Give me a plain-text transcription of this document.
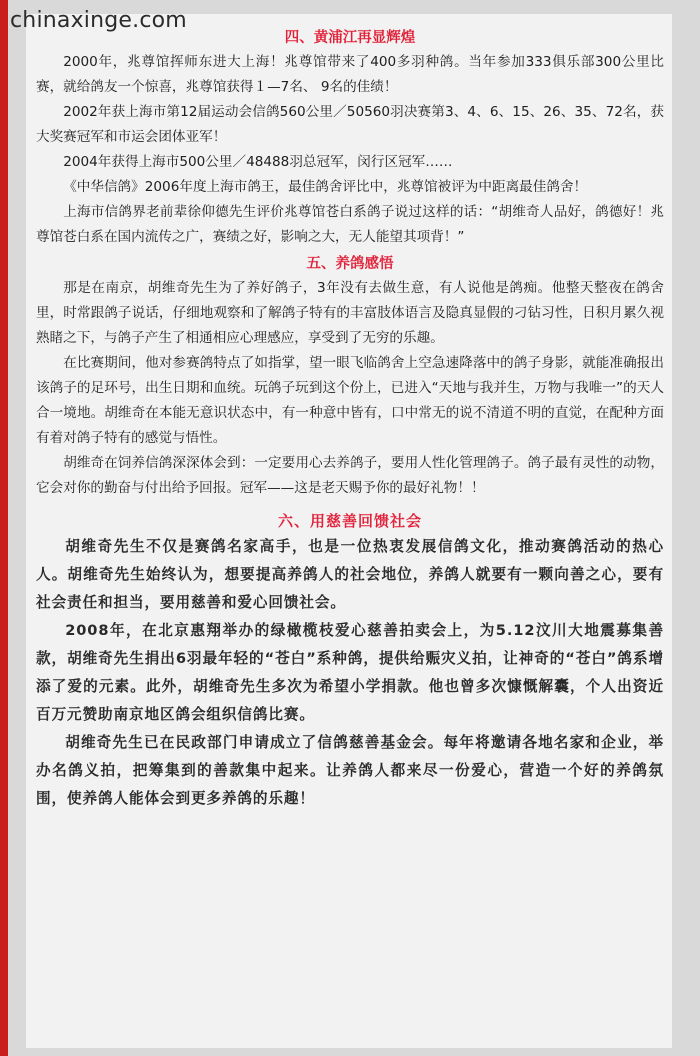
chinaxinge.com
四、黄浦江再显辉煌

2000年，兆尊馆挥师东进大上海！兆尊馆带来了400多羽种鸽。当年参加333俱乐部300公里比赛，就给鸽友一个惊喜，兆尊馆获得１—7名、 9名的佳绩！

2002年获上海市第12届运动会信鸽560公里／50560羽决赛第3、4、6、15、26、35、72名，获大奖赛冠军和市运会团体亚军！

2004年获得上海市500公里／48488羽总冠军，闵行区冠军……

《中华信鸽》2006年度上海市鸽王，最佳鸽舍评比中，兆尊馆被评为中距离最佳鸽舍！

上海市信鸽界老前辈徐仰德先生评价兆尊馆苍白系鸽子说过这样的话：“胡维奇人品好，鸽德好！兆尊馆苍白系在国内流传之广，赛绩之好，影响之大，无人能望其项背！”

五、养鸽感悟

那是在南京，胡维奇先生为了养好鸽子，3年没有去做生意，有人说他是鸽痴。他整天整夜在鸽舍里，时常跟鸽子说话，仔细地观察和了解鸽子特有的丰富肢体语言及隐真显假的刁钻习性，日积月累久视熟睹之下，与鸽子产生了相通相应心理感应，享受到了无穷的乐趣。

在比赛期间，他对参赛鸽特点了如指掌，望一眼飞临鸽舍上空急速降落中的鸽子身影，就能准确报出该鸽子的足环号，出生日期和血统。玩鸽子玩到这个份上，已进入“天地与我并生，万物与我唯一”的天人合一境地。胡维奇在本能无意识状态中，有一种意中皆有，口中常无的说不清道不明的直觉，在配种方面有着对鸽子特有的感觉与悟性。

胡维奇在饲养信鸽深深体会到：一定要用心去养鸽子，要用人性化管理鸽子。鸽子最有灵性的动物，它会对你的勤奋与付出给予回报。冠军——这是老天赐予你的最好礼物！！

六、用慈善回馈社会

胡维奇先生不仅是赛鸽名家高手，也是一位热衷发展信鸽文化，推动赛鸽活动的热心人。胡维奇先生始终认为，想要提高养鸽人的社会地位，养鸽人就要有一颗向善之心，要有社会责任和担当，要用慈善和爱心回馈社会。

2008年，在北京惠翔举办的绿橄榄枝爱心慈善拍卖会上，为5.12汶川大地震募集善款，胡维奇先生捐出6羽最年轻的“苍白”系种鸽，提供给赈灾义拍，让神奇的“苍白”鸽系增添了爱的元素。此外，胡维奇先生多次为希望小学捐款。他也曾多次慷慨解囊，个人出资近百万元赞助南京地区鸽会组织信鸽比赛。

胡维奇先生已在民政部门申请成立了信鸽慈善基金会。每年将邀请各地名家和企业，举办名鸽义拍，把筹集到的善款集中起来。让养鸽人都来尽一份爱心，营造一个好的养鸽氛围，使养鸽人能体会到更多养鸽的乐趣！
